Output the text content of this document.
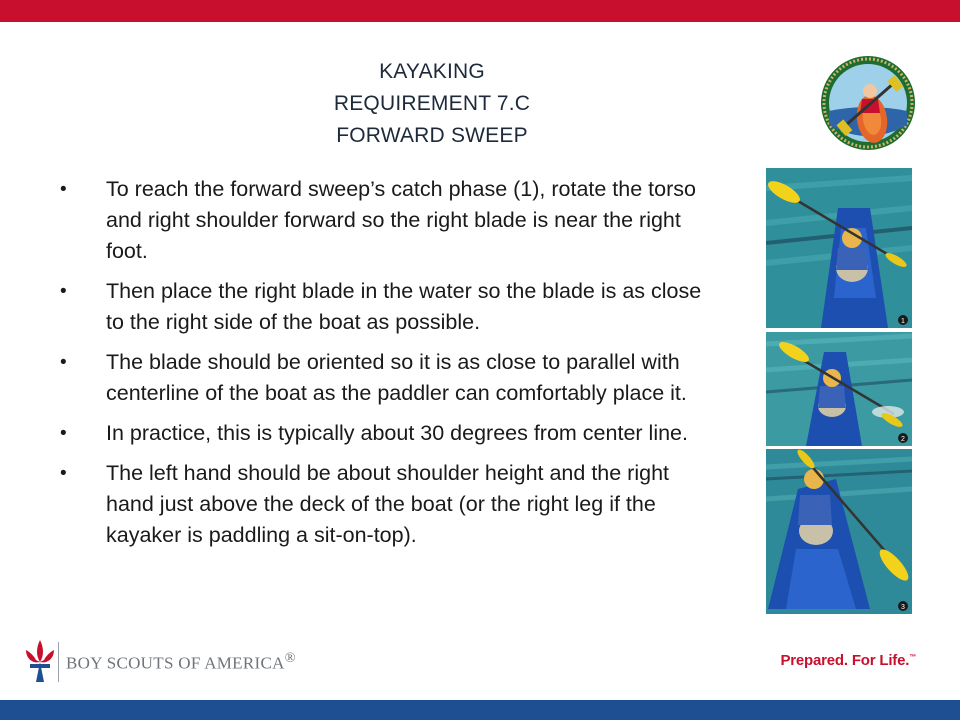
KAYAKING
REQUIREMENT 7.C
FORWARD SWEEP
• To reach the forward sweep’s catch phase (1), rotate the torso and right shoulder forward so the right blade is near the right foot.
• Then place the right blade in the water so the blade is as close to the right side of the boat as possible.
• The blade should be oriented so it is as close to parallel with centerline of the boat as the paddler can comfortably place it.
• In practice, this is typically about 30 degrees from center line.
• The left hand should be about shoulder height and the right hand just above the deck of the boat (or the right leg if the kayaker is paddling a sit-on-top).
1
2
3
BOY SCOUTS OF AMERICA®	Prepared. For Life.™
